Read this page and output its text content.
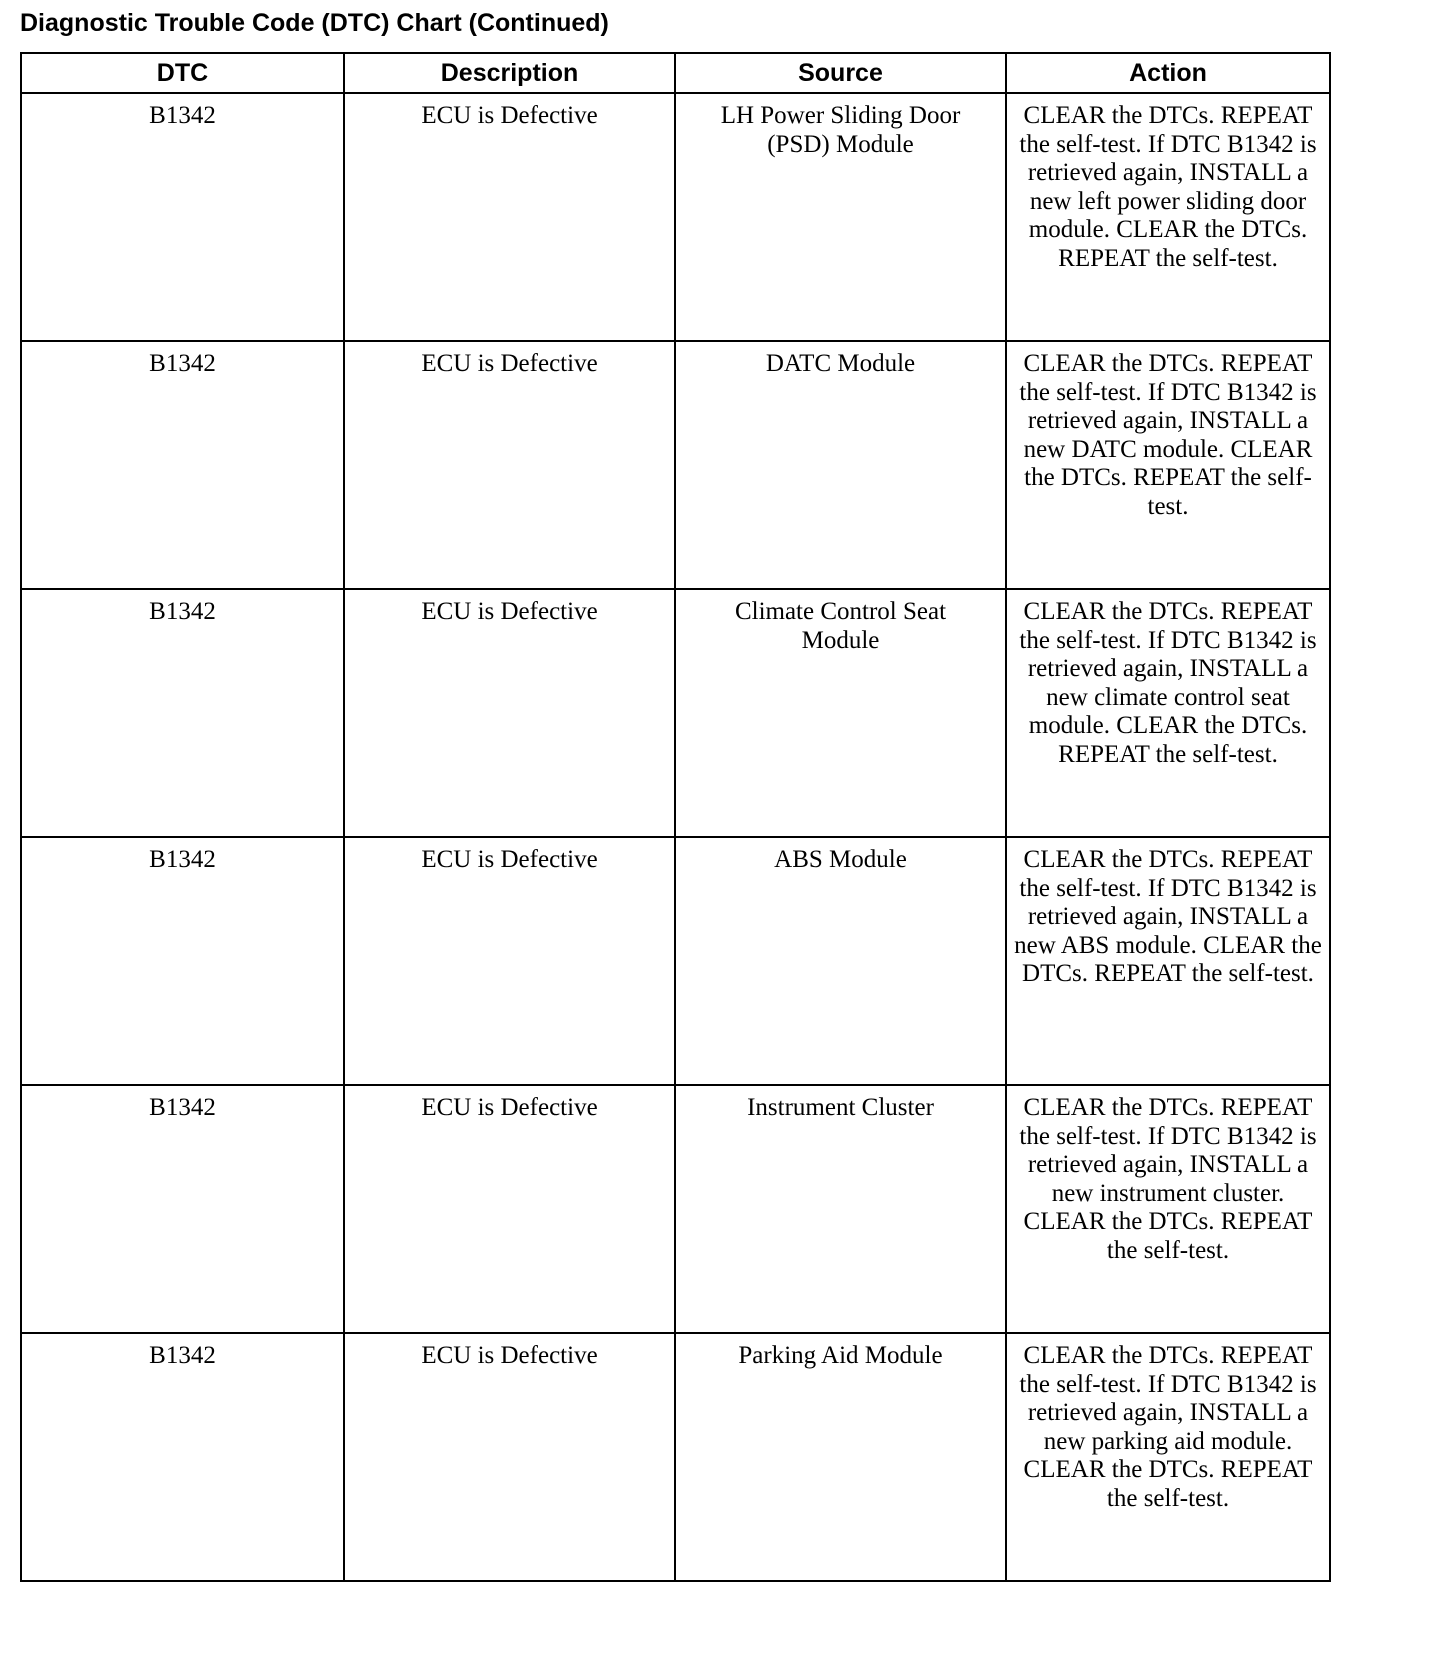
Diagnostic Trouble Code (DTC) Chart (Continued)
DTC	Description	Source	Action

B1342	ECU is Defective	LH Power Sliding Door (PSD) Module	CLEAR the DTCs. REPEAT the self-test. If DTC B1342 is retrieved again, INSTALL a new left power sliding door module. CLEAR the DTCs. REPEAT the self-test.

B1342	ECU is Defective	DATC Module	CLEAR the DTCs. REPEAT the self-test. If DTC B1342 is retrieved again, INSTALL a new DATC module. CLEAR the DTCs. REPEAT the self-test.

B1342	ECU is Defective	Climate Control Seat Module	CLEAR the DTCs. REPEAT the self-test. If DTC B1342 is retrieved again, INSTALL a new climate control seat module. CLEAR the DTCs. REPEAT the self-test.

B1342	ECU is Defective	ABS Module	CLEAR the DTCs. REPEAT the self-test. If DTC B1342 is retrieved again, INSTALL a new ABS module. CLEAR the DTCs. REPEAT the self-test.

B1342	ECU is Defective	Instrument Cluster	CLEAR the DTCs. REPEAT the self-test. If DTC B1342 is retrieved again, INSTALL a new instrument cluster. CLEAR the DTCs. REPEAT the self-test.

B1342	ECU is Defective	Parking Aid Module	CLEAR the DTCs. REPEAT the self-test. If DTC B1342 is retrieved again, INSTALL a new parking aid module. CLEAR the DTCs. REPEAT the self-test.
